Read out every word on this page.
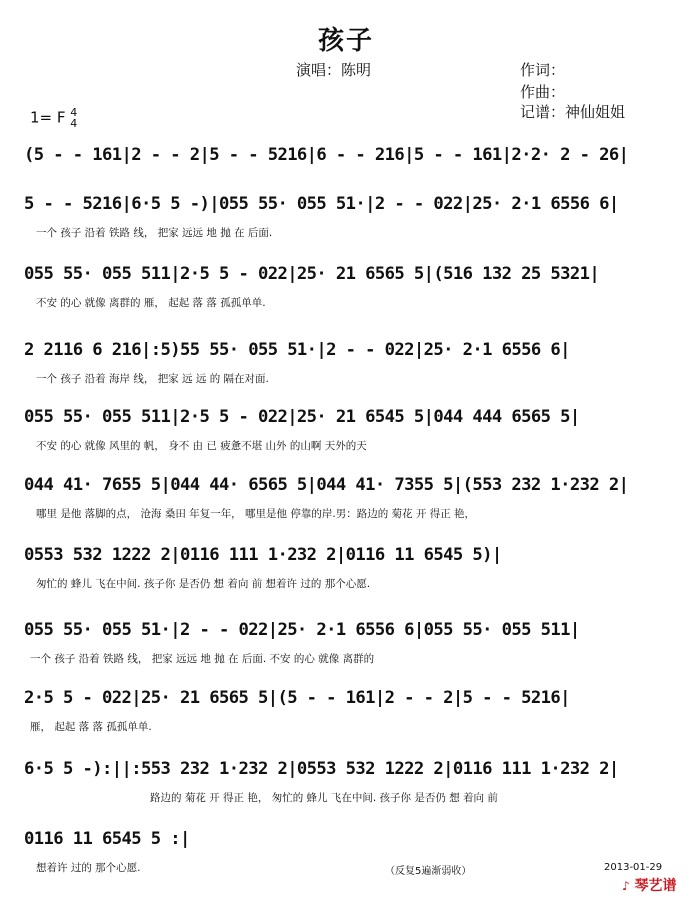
孩子
演唱：陈明	作词：
作曲：
记谱：神仙姐姐
1= F 4
4
(5 - - 161|2 - - 2|5 - - 5216|6 - - 216|5 - - 161|2·2· 2 - 26|
5 - - 5216|6·5 5 -)|055 55· 055 51·|2 - - 022|25· 2·1 6556 6|
一个 孩子 沿着 铁路 线， 把家 远远 地 抛 在 后面.
055 55· 055 511|2·5 5 - 022|25· 21 6565 5|(516 132 25 5321|
不安 的心 就像 离群的 雁， 起起 落 落 孤孤单单.
2 2116 6 216|:5)55 55· 055 51·|2 - - 022|25· 2·1 6556 6|
一个 孩子 沿着 海岸 线， 把家 远 远 的 隔在对面.
055 55· 055 511|2·5 5 - 022|25· 21 6545 5|044 444 6565 5|
不安 的心 就像 风里的 帆， 身不 由 已 疲惫不堪 山外 的山啊 天外的天
044 41· 7655 5|044 44· 6565 5|044 41· 7355 5|(553 232 1·232 2|
哪里 是他 落脚的点， 沧海 桑田 年复一年， 哪里是他 停靠的岸.男：路边的 菊花 开 得正 艳，
0553 532 1222 2|0116 111 1·232 2|0116 11 6545 5)|
匆忙的 蜂儿 飞在中间. 孩子你 是否仍 想 着向 前 想着许 过的 那个心愿.
055 55· 055 51·|2 - - 022|25· 2·1 6556 6|055 55· 055 511|
一个 孩子 沿着 铁路 线， 把家 远远 地 抛 在 后面. 不安 的心 就像 离群的
2·5 5 - 022|25· 21 6565 5|(5 - - 161|2 - - 2|5 - - 5216|
雁， 起起 落 落 孤孤单单.
6·5 5 -):||:553 232 1·232 2|0553 532 1222 2|0116 111 1·232 2|
路边的 菊花 开 得正 艳， 匆忙的 蜂儿 飞在中间. 孩子你 是否仍 想 着向 前
0116 11 6545 5 :|
想着许 过的 那个心愿.	（反复5遍渐弱收）	2013-01-29
♪ 琴艺谱
